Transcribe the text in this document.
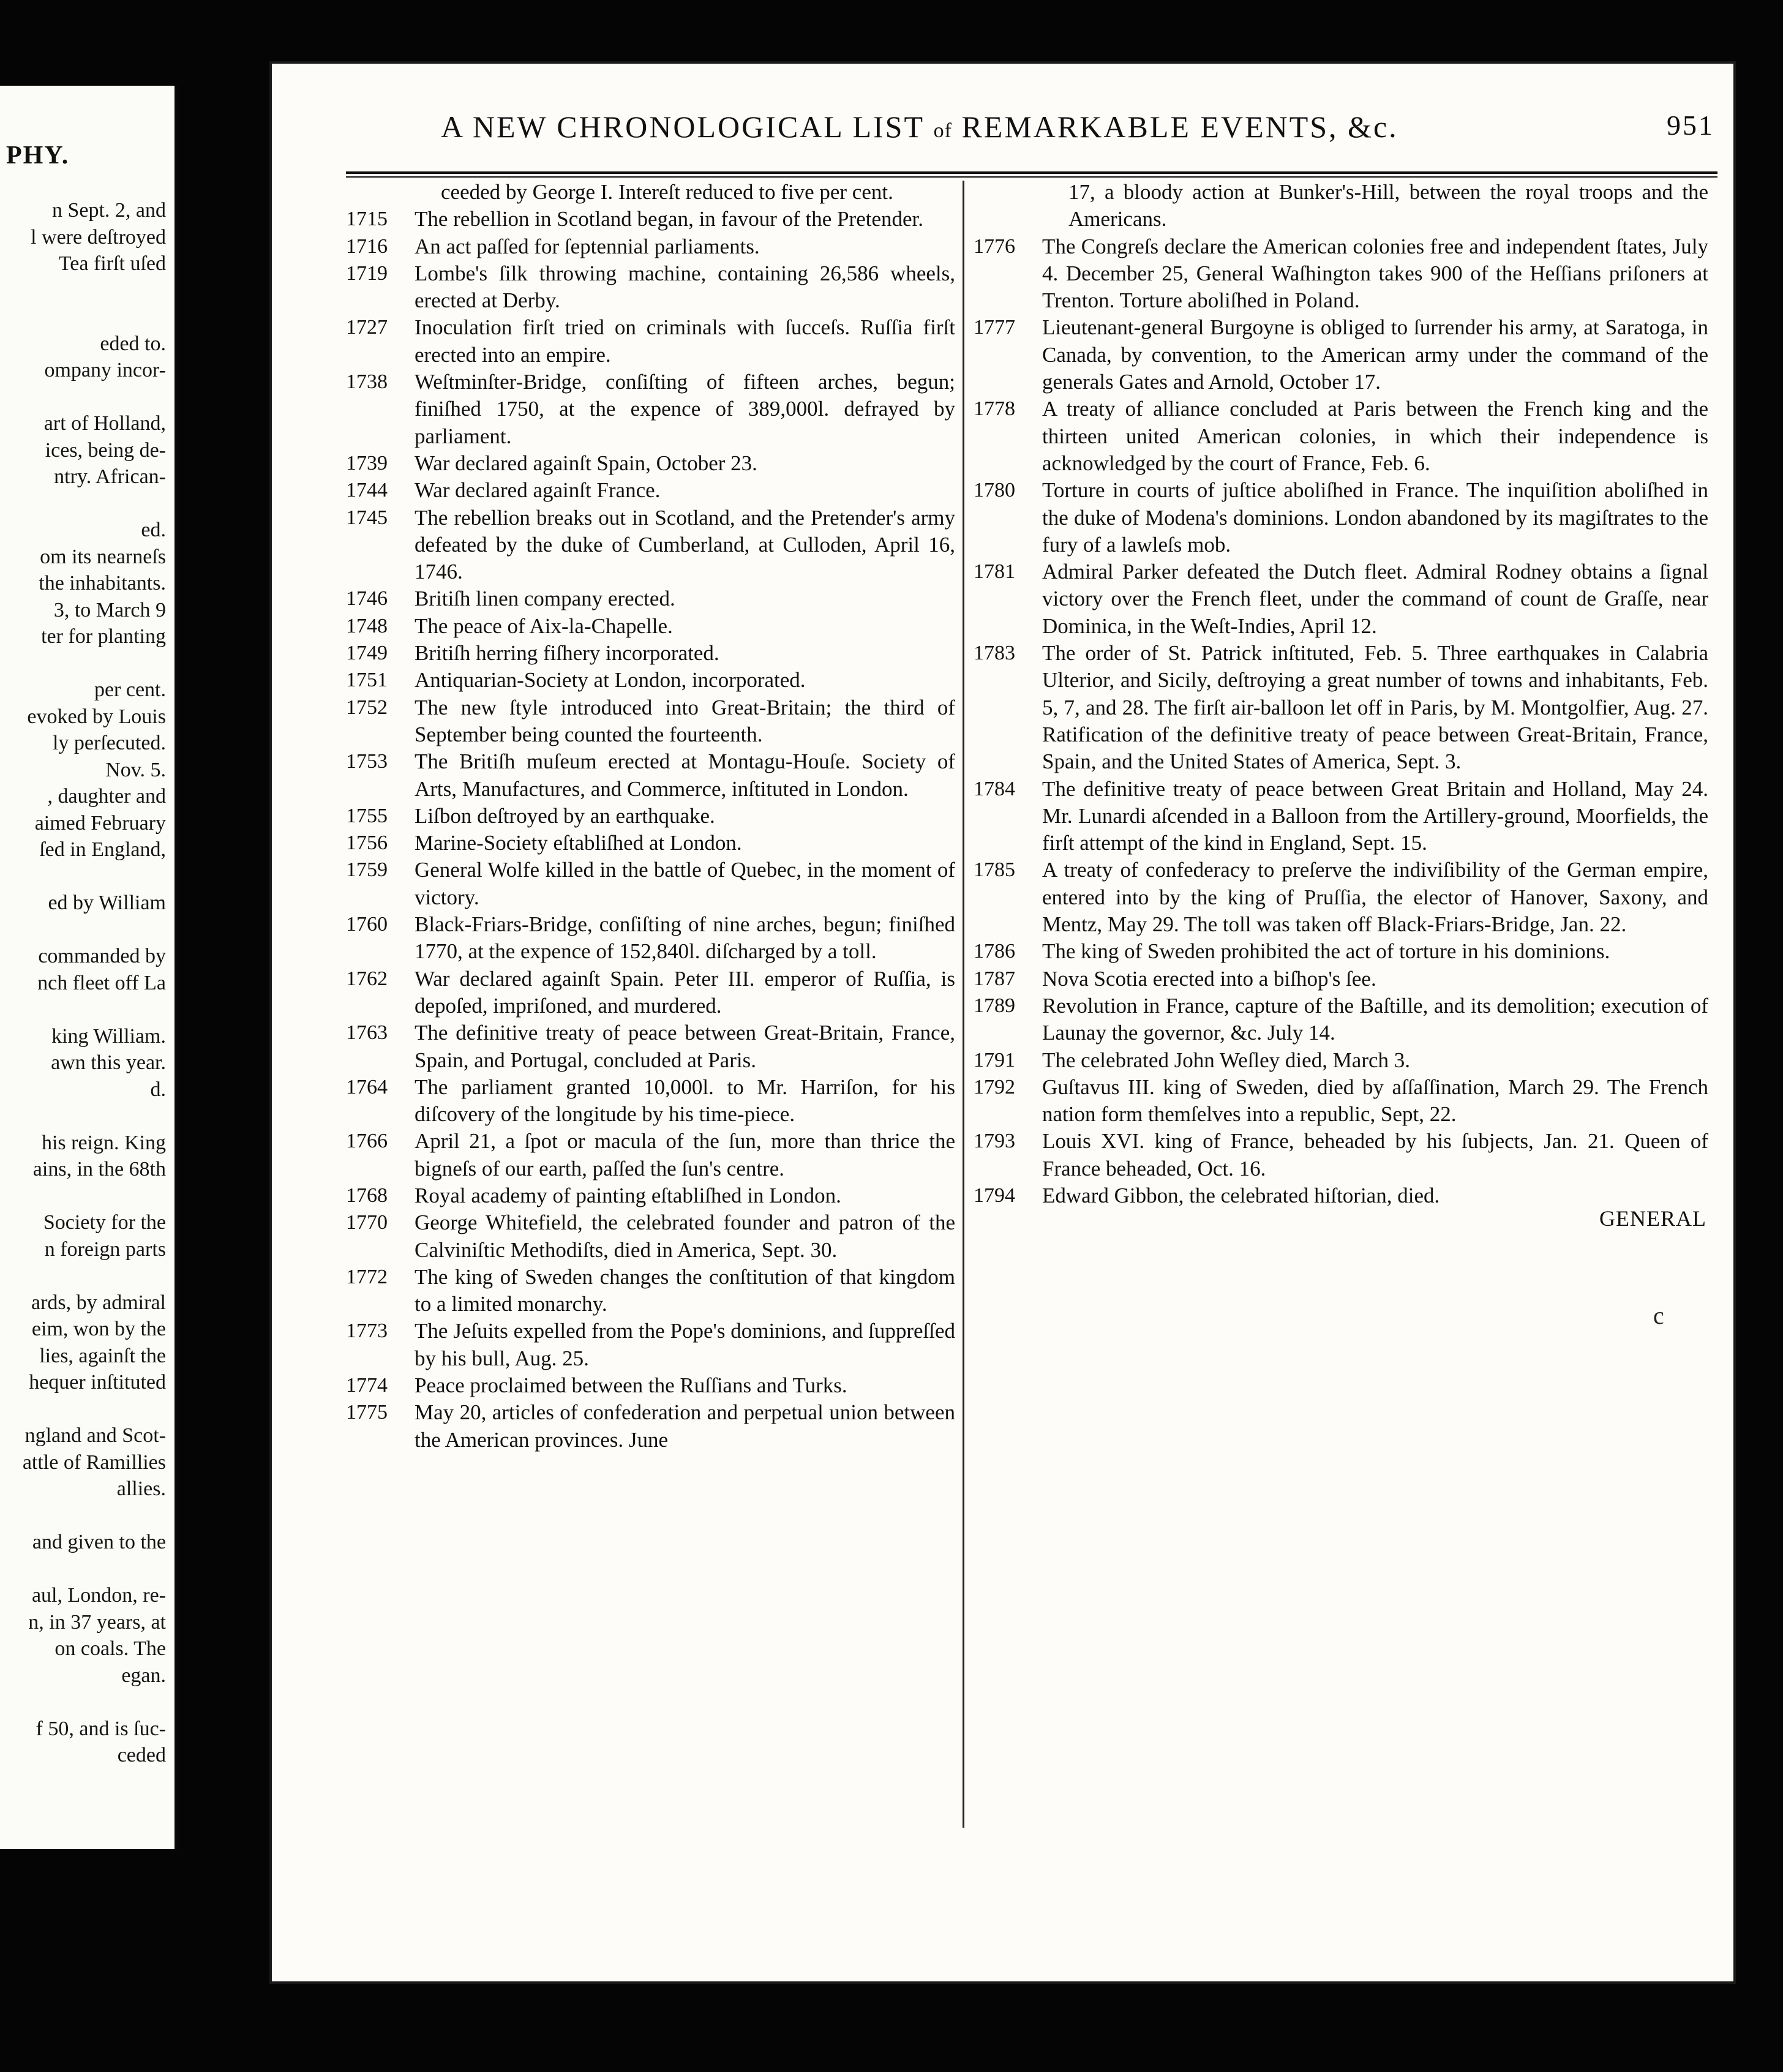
PHY.
n Sept. 2, and
l were deſtroyed
Tea firſt uſed
eded to.
ompany incor-
art of Holland,
ices, being de-
ntry. African-
ed.
om its nearneſs
the inhabitants.
3, to March 9
ter for planting
per cent.
evoked by Louis
ly perſecuted.
Nov. 5.
, daughter and
aimed February
ſed in England,
ed by William
commanded by
nch fleet off La
king William.
awn this year.
d.
his reign. King
ains, in the 68th
Society for the
n foreign parts
ards, by admiral
eim, won by the
lies, againſt the
hequer inſtituted
ngland and Scot-
attle of Ramillies
allies.
and given to the
aul, London, re-
n, in 37 years, at
on coals. The
egan.
f 50, and is ſuc-
ceded
A NEW CHRONOLOGICAL LIST of REMARKABLE EVENTS, &c.	951
ceeded by George I. Intereſt reduced to five per cent.
1715	The rebellion in Scotland began, in favour of the Pretender.
1716	An act paſſed for ſeptennial parliaments.
1719	Lombe's ſilk throwing machine, containing 26,586 wheels, erected at Derby.
1727	Inoculation firſt tried on criminals with ſucceſs. Ruſſia firſt erected into an empire.
1738	Weſtminſter-Bridge, conſiſting of fifteen arches, begun; finiſhed 1750, at the expence of 389,000l. defrayed by parliament.
1739	War declared againſt Spain, October 23.
1744	War declared againſt France.
1745	The rebellion breaks out in Scotland, and the Pretender's army defeated by the duke of Cumberland, at Culloden, April 16, 1746.
1746	Britiſh linen company erected.
1748	The peace of Aix-la-Chapelle.
1749	Britiſh herring fiſhery incorporated.
1751	Antiquarian-Society at London, incorporated.
1752	The new ſtyle introduced into Great-Britain; the third of September being counted the fourteenth.
1753	The Britiſh muſeum erected at Montagu-Houſe. Society of Arts, Manufactures, and Commerce, inſtituted in London.
1755	Liſbon deſtroyed by an earthquake.
1756	Marine-Society eſtabliſhed at London.
1759	General Wolfe killed in the battle of Quebec, in the moment of victory.
1760	Black-Friars-Bridge, conſiſting of nine arches, begun; finiſhed 1770, at the expence of 152,840l. diſcharged by a toll.
1762	War declared againſt Spain. Peter III. emperor of Ruſſia, is depoſed, impriſoned, and murdered.
1763	The definitive treaty of peace between Great-Britain, France, Spain, and Portugal, concluded at Paris.
1764	The parliament granted 10,000l. to Mr. Harriſon, for his diſcovery of the longitude by his time-piece.
1766	April 21, a ſpot or macula of the ſun, more than thrice the bigneſs of our earth, paſſed the ſun's centre.
1768	Royal academy of painting eſtabliſhed in London.
1770	George Whitefield, the celebrated founder and patron of the Calviniſtic Methodiſts, died in America, Sept. 30.
1772	The king of Sweden changes the conſtitution of that kingdom to a limited monarchy.
1773	The Jeſuits expelled from the Pope's dominions, and ſuppreſſed by his bull, Aug. 25.
1774	Peace proclaimed between the Ruſſians and Turks.
1775	May 20, articles of confederation and perpetual union between the American provinces. June
17, a bloody action at Bunker's-Hill, between the royal troops and the Americans.
1776	The Congreſs declare the American colonies free and independent ſtates, July 4. December 25, General Waſhington takes 900 of the Heſſians priſoners at Trenton. Torture aboliſhed in Poland.
1777	Lieutenant-general Burgoyne is obliged to ſurrender his army, at Saratoga, in Canada, by convention, to the American army under the command of the generals Gates and Arnold, October 17.
1778	A treaty of alliance concluded at Paris between the French king and the thirteen united American colonies, in which their independence is acknowledged by the court of France, Feb. 6.
1780	Torture in courts of juſtice aboliſhed in France. The inquiſition aboliſhed in the duke of Modena's dominions. London abandoned by its magiſtrates to the fury of a lawleſs mob.
1781	Admiral Parker defeated the Dutch fleet. Admiral Rodney obtains a ſignal victory over the French fleet, under the command of count de Graſſe, near Dominica, in the Weſt-Indies, April 12.
1783	The order of St. Patrick inſtituted, Feb. 5. Three earthquakes in Calabria Ulterior, and Sicily, deſtroying a great number of towns and inhabitants, Feb. 5, 7, and 28. The firſt air-balloon let off in Paris, by M. Montgolfier, Aug. 27. Ratification of the definitive treaty of peace between Great-Britain, France, Spain, and the United States of America, Sept. 3.
1784	The definitive treaty of peace between Great Britain and Holland, May 24. Mr. Lunardi aſcended in a Balloon from the Artillery-ground, Moorfields, the firſt attempt of the kind in England, Sept. 15.
1785	A treaty of confederacy to preſerve the indiviſibility of the German empire, entered into by the king of Pruſſia, the elector of Hanover, Saxony, and Mentz, May 29. The toll was taken off Black-Friars-Bridge, Jan. 22.
1786	The king of Sweden prohibited the act of torture in his dominions.
1787	Nova Scotia erected into a biſhop's ſee.
1789	Revolution in France, capture of the Baſtille, and its demolition; execution of Launay the governor, &c. July 14.
1791	The celebrated John Weſley died, March 3.
1792	Guſtavus III. king of Sweden, died by aſſaſſination, March 29. The French nation form themſelves into a republic, Sept, 22.
1793	Louis XVI. king of France, beheaded by his ſubjects, Jan. 21. Queen of France beheaded, Oct. 16.
1794	Edward Gibbon, the celebrated hiſtorian, died.
GENERAL
c
